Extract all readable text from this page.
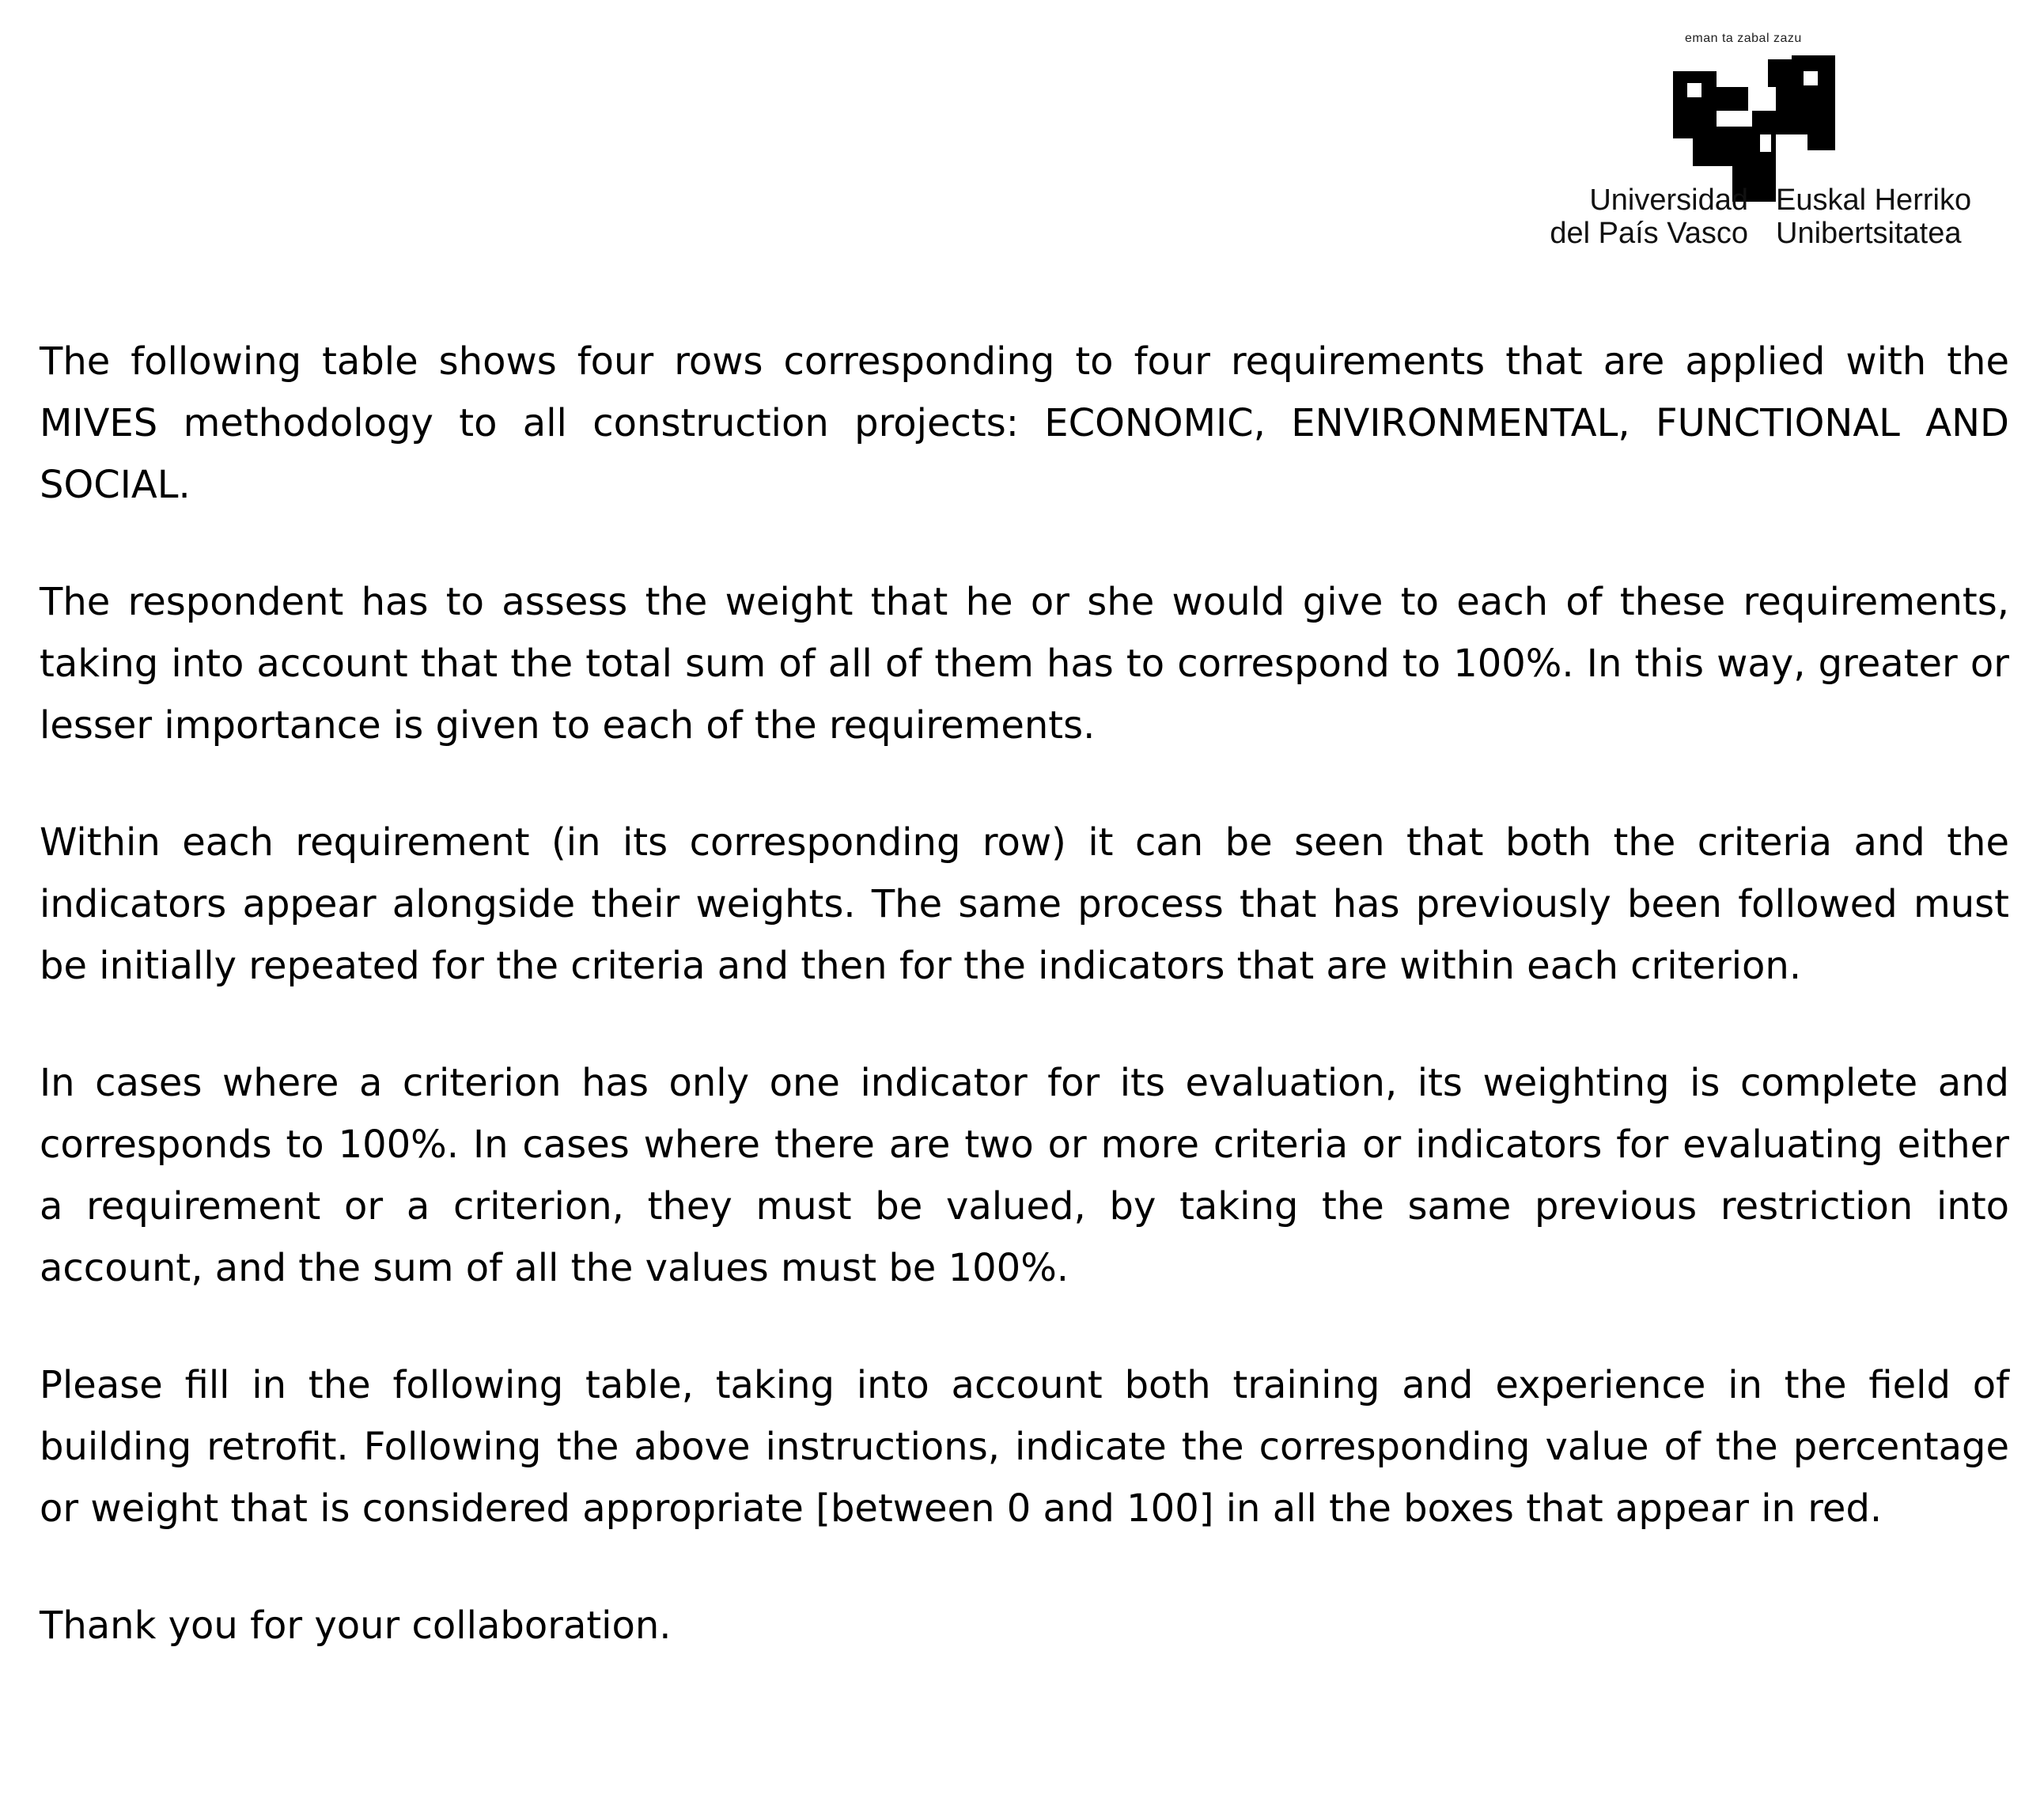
eman ta zabal zazu
Universidad
del País Vasco
Euskal Herriko
Unibertsitatea

The following table shows four rows corresponding to four requirements that are applied with the MIVES methodology to all construction projects: ECONOMIC, ENVIRONMENTAL, FUNCTIONAL AND SOCIAL.

The respondent has to assess the weight that he or she would give to each of these requirements, taking into account that the total sum of all of them has to correspond to 100%. In this way, greater or lesser importance is given to each of the requirements.

Within each requirement (in its corresponding row) it can be seen that both the criteria and the indicators appear alongside their weights. The same process that has previously been followed must be initially repeated for the criteria and then for the indicators that are within each criterion.

In cases where a criterion has only one indicator for its evaluation, its weighting is complete and corresponds to 100%. In cases where there are two or more criteria or indicators for evaluating either a requirement or a criterion, they must be valued, by taking the same previous restriction into account, and the sum of all the values must be 100%.

Please fill in the following table, taking into account both training and experience in the field of building retrofit. Following the above instructions, indicate the corresponding value of the percentage or weight that is considered appropriate [between 0 and 100] in all the boxes that appear in red.

Thank you for your collaboration.
